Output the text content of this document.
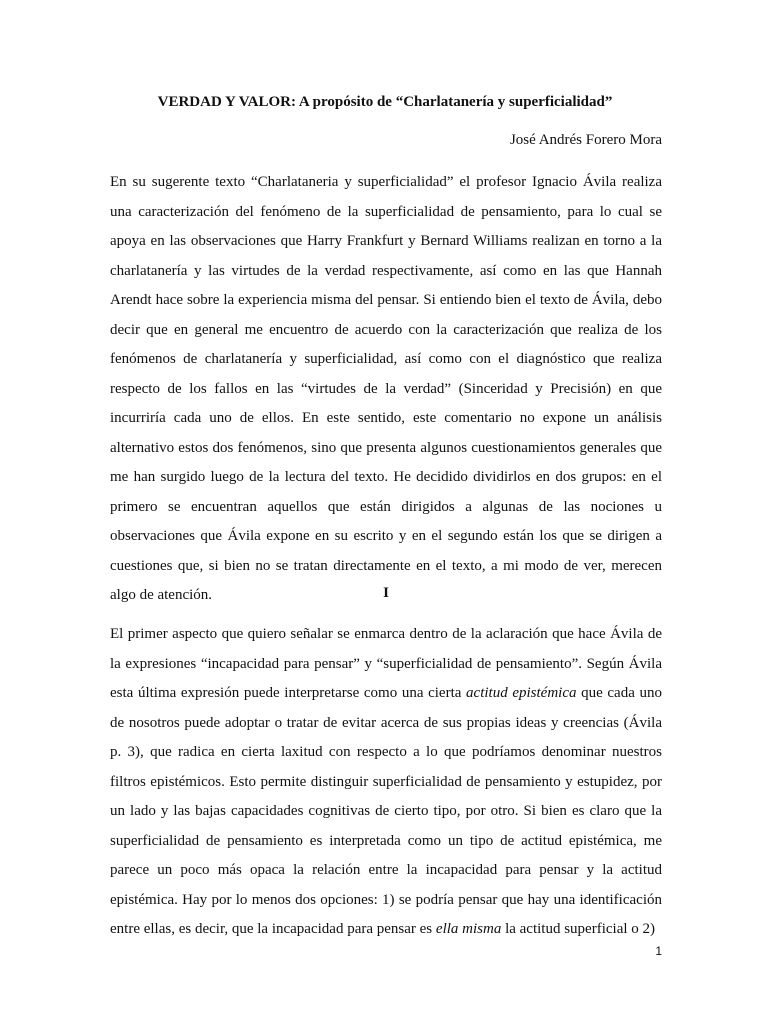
VERDAD Y VALOR: A propósito de “Charlatanería y superficialidad”

José Andrés Forero Mora

En su sugerente texto “Charlataneria y superficialidad” el profesor Ignacio Ávila realiza una caracterización del fenómeno de la superficialidad de pensamiento, para lo cual se apoya en las observaciones que Harry Frankfurt y Bernard Williams realizan en torno a la charlatanería y las virtudes de la verdad respectivamente, así como en las que Hannah Arendt hace sobre la experiencia misma del pensar. Si entiendo bien el texto de Ávila, debo decir que en general me encuentro de acuerdo con la caracterización que realiza de los fenómenos de charlatanería y superficialidad, así como con el diagnóstico que realiza respecto de los fallos en las “virtudes de la verdad” (Sinceridad y Precisión) en que incurriría cada uno de ellos. En este sentido, este comentario no expone un análisis alternativo estos dos fenómenos, sino que presenta algunos cuestionamientos generales que me han surgido luego de la lectura del texto. He decidido dividirlos en dos grupos: en el primero se encuentran aquellos que están dirigidos a algunas de las nociones u observaciones que Ávila expone en su escrito y en el segundo están los que se dirigen a cuestiones que, si bien no se tratan directamente en el texto, a mi modo de ver, merecen algo de atención.	I

El primer aspecto que quiero señalar se enmarca dentro de la aclaración que hace Ávila de la expresiones “incapacidad para pensar” y “superficialidad de pensamiento”. Según Ávila esta última expresión puede interpretarse como una cierta actitud epistémica que cada uno de nosotros puede adoptar o tratar de evitar acerca de sus propias ideas y creencias (Ávila p. 3), que radica en cierta laxitud con respecto a lo que podríamos denominar nuestros filtros epistémicos. Esto permite distinguir superficialidad de pensamiento y estupidez, por un lado y las bajas capacidades cognitivas de cierto tipo, por otro. Si bien es claro que la superficialidad de pensamiento es interpretada como un tipo de actitud epistémica, me parece un poco más opaca la relación entre la incapacidad para pensar y la actitud epistémica. Hay por lo menos dos opciones: 1) se podría pensar que hay una identificación entre ellas, es decir, que la incapacidad para pensar es ella misma la actitud superficial o 2)

1
